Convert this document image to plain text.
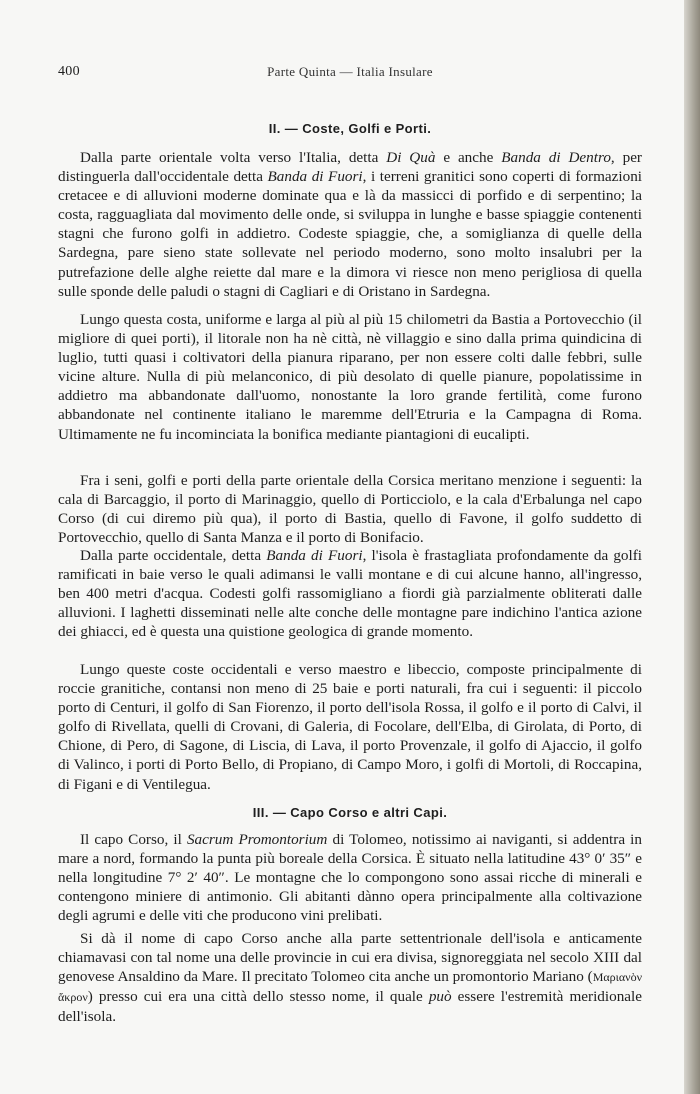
400	Parte Quinta — Italia Insulare
II. — Coste, Golfi e Porti.

Dalla parte orientale volta verso l'Italia, detta Di Quà e anche Banda di Dentro, per distinguerla dall'occidentale detta Banda di Fuori, i terreni granitici sono coperti di formazioni cretacee e di alluvioni moderne dominate qua e là da massicci di porfido e di serpentino; la costa, ragguagliata dal movimento delle onde, si sviluppa in lunghe e basse spiaggie contenenti stagni che furono golfi in addietro. Codeste spiaggie, che, a somiglianza di quelle della Sardegna, pare sieno state sollevate nel periodo moderno, sono molto insalubri per la putrefazione delle alghe reiette dal mare e la dimora vi riesce non meno perigliosa di quella sulle sponde delle paludi o stagni di Cagliari e di Oristano in Sardegna.

Lungo questa costa, uniforme e larga al più al più 15 chilometri da Bastia a Portovecchio (il migliore di quei porti), il litorale non ha nè città, nè villaggio e sino dalla prima quindicina di luglio, tutti quasi i coltivatori della pianura riparano, per non essere colti dalle febbri, sulle vicine alture. Nulla di più melanconico, di più desolato di quelle pianure, popolatissime in addietro ma abbandonate dall'uomo, nonostante la loro grande fertilità, come furono abbandonate nel continente italiano le maremme dell'Etruria e la Campagna di Roma. Ultimamente ne fu incominciata la bonifica mediante piantagioni di eucalipti.

Fra i seni, golfi e porti della parte orientale della Corsica meritano menzione i seguenti: la cala di Barcaggio, il porto di Marinaggio, quello di Porticciolo, e la cala d'Erbalunga nel capo Corso (di cui diremo più qua), il porto di Bastia, quello di Favone, il golfo suddetto di Portovecchio, quello di Santa Manza e il porto di Bonifacio.

Dalla parte occidentale, detta Banda di Fuori, l'isola è frastagliata profondamente da golfi ramificati in baie verso le quali adimansi le valli montane e di cui alcune hanno, all'ingresso, ben 400 metri d'acqua. Codesti golfi rassomigliano a fiordi già parzialmente obliterati dalle alluvioni. I laghetti disseminati nelle alte conche delle montagne pare indichino l'antica azione dei ghiacci, ed è questa una quistione geologica di grande momento.

Lungo queste coste occidentali e verso maestro e libeccio, composte principalmente di roccie granitiche, contansi non meno di 25 baie e porti naturali, fra cui i seguenti: il piccolo porto di Centuri, il golfo di San Fiorenzo, il porto dell'isola Rossa, il golfo e il porto di Calvi, il golfo di Rivellata, quelli di Crovani, di Galeria, di Focolare, dell'Elba, di Girolata, di Porto, di Chione, di Pero, di Sagone, di Liscia, di Lava, il porto Provenzale, il golfo di Ajaccio, il golfo di Valinco, i porti di Porto Bello, di Propiano, di Campo Moro, i golfi di Mortoli, di Roccapina, di Figani e di Ventilegua.

III. — Capo Corso e altri Capi.

Il capo Corso, il Sacrum Promontorium di Tolomeo, notissimo ai naviganti, si addentra in mare a nord, formando la punta più boreale della Corsica. È situato nella latitudine 43° 0′ 35″ e nella longitudine 7° 2′ 40″. Le montagne che lo compongono sono assai ricche di minerali e contengono miniere di antimonio. Gli abitanti dànno opera principalmente alla coltivazione degli agrumi e delle viti che producono vini prelibati.

Si dà il nome di capo Corso anche alla parte settentrionale dell'isola e anticamente chiamavasi con tal nome una delle provincie in cui era divisa, signoreggiata nel secolo XIII dal genovese Ansaldino da Mare. Il precitato Tolomeo cita anche un promontorio Mariano (Μαριανὸν ἄκρον) presso cui era una città dello stesso nome, il quale può essere l'estremità meridionale dell'isola.
